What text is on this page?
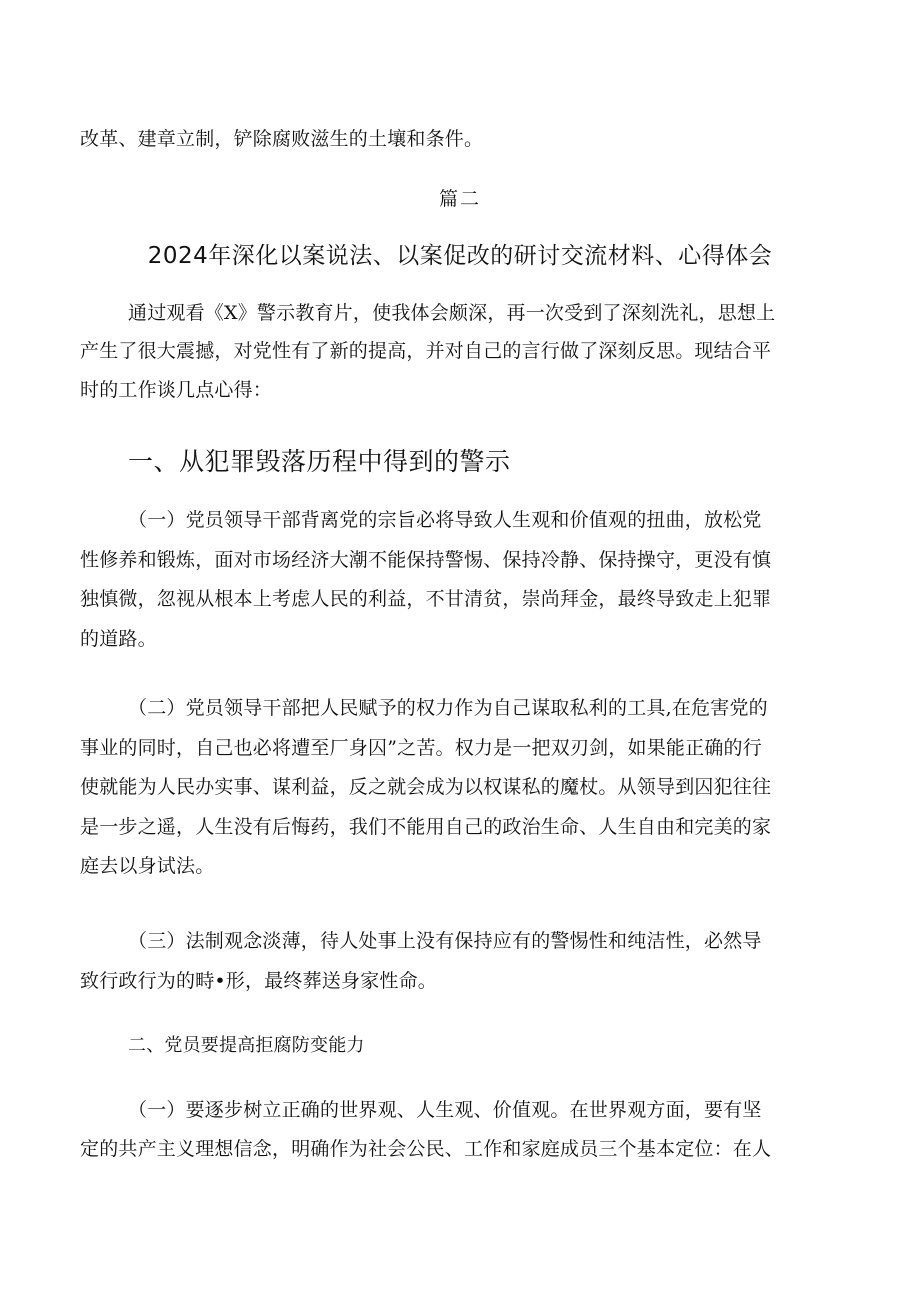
改革、建章立制，铲除腐败滋生的土壤和条件。
篇二
2024年深化以案说法、以案促改的研讨交流材料、心得体会
通过观看《X》警示教育片，使我体会颇深，再一次受到了深刻洗礼，思想上
产生了很大震撼，对党性有了新的提高，并对自己的言行做了深刻反思。现结合平
时的工作谈几点心得：
一、从犯罪毁落历程中得到的警示
（一）党员领导干部背离党的宗旨必将导致人生观和价值观的扭曲，放松党
性修养和锻炼，面对市场经济大潮不能保持警惕、保持冷静、保持操守，更没有慎
独慎微，忽视从根本上考虑人民的利益，不甘清贫，崇尚拜金，最终导致走上犯罪
的道路。
（二）党员领导干部把人民赋予的权力作为自己谋取私利的工具,在危害党的
事业的同时，自己也必将遭至厂身囚”之苦。权力是一把双刃剑，如果能正确的行
使就能为人民办实事、谋利益，反之就会成为以权谋私的魔杖。从领导到囚犯往往
是一步之遥，人生没有后悔药，我们不能用自己的政治生命、人生自由和完美的家
庭去以身试法。
（三）法制观念淡薄，待人处事上没有保持应有的警惕性和纯洁性，必然导
致行政行为的畤•形，最终葬送身家性命。
二、党员要提高拒腐防变能力
（一）要逐步树立正确的世界观、人生观、价值观。在世界观方面，要有坚
定的共产主义理想信念，明确作为社会公民、工作和家庭成员三个基本定位：在人
